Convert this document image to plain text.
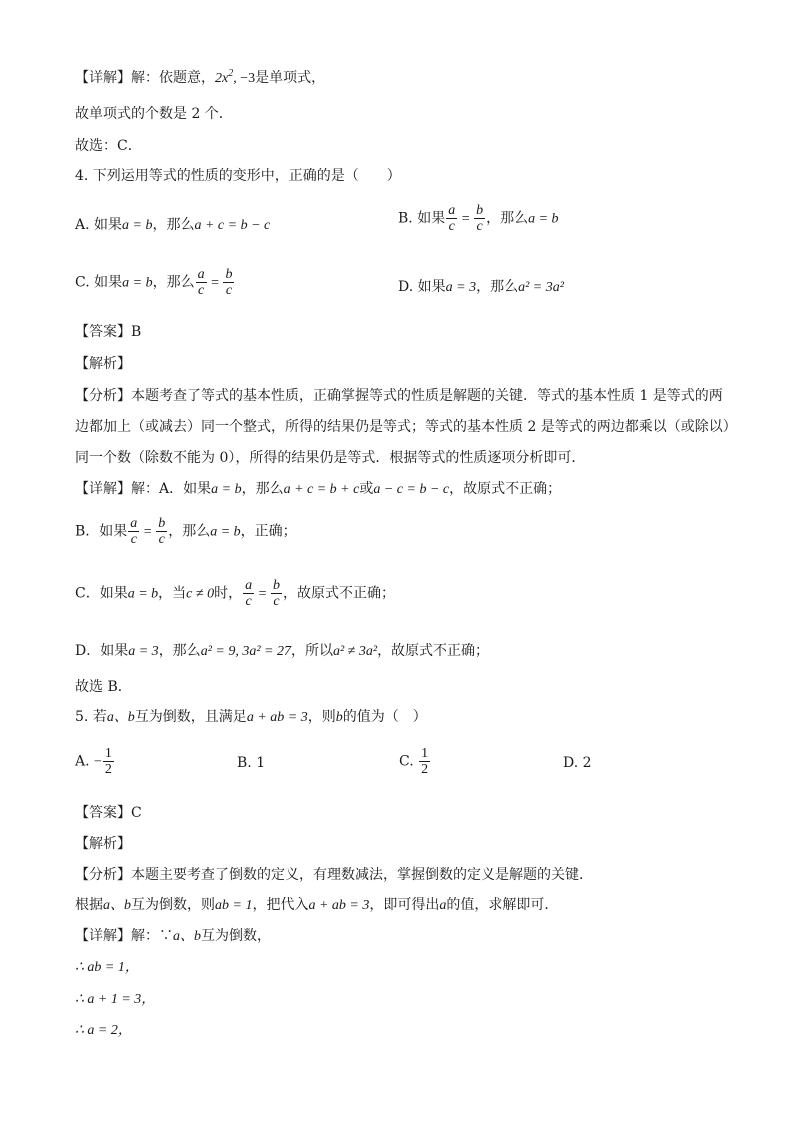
【详解】解：依题意，$2x^2$, −3是单项式，
故单项式的个数是 2 个．
故选：C．
4. 下列运用等式的性质的变形中，正确的是（　　）
A. 如果a = b，那么a + c = b − c	B. 如果 $\frac{a}{c} = \frac{b}{c}$ ，那么a = b
C. 如果a = b，那么 $\frac{a}{c} = \frac{b}{c}$	D. 如果a = 3，那么a² = 3a²
【答案】B
【解析】
【分析】本题考查了等式的基本性质，正确掌握等式的性质是解题的关键．等式的基本性质 1 是等式的两
边都加上（或减去）同一个整式，所得的结果仍是等式；等式的基本性质 2 是等式的两边都乘以（或除以）
同一个数（除数不能为 0），所得的结果仍是等式．根据等式的性质逐项分析即可．
【详解】解：A．如果a = b，那么a + c = b + c或a − c = b − c，故原式不正确；
B．如果 $\frac{a}{c} = \frac{b}{c}$ ，那么a = b，正确；
C．如果a = b，当c ≠ 0时， $\frac{a}{c} = \frac{b}{c}$ ，故原式不正确；
D．如果a = 3，那么a² = 9, 3a² = 27，所以a² ≠ 3a²，故原式不正确；
故选 B．
5. 若a、b互为倒数，且满足a + ab = 3，则b的值为（　）
A. − $\frac{1}{2}$	B. 1	C. $\frac{1}{2}$	D. 2
【答案】C
【解析】
【分析】本题主要考查了倒数的定义，有理数减法，掌握倒数的定义是解题的关键．
根据a、b互为倒数，则ab = 1，把代入a + ab = 3，即可得出a的值，求解即可．
【详解】解：∵a、b互为倒数，
∴ ab = 1，
∴ a + 1 = 3，
∴ a = 2，
